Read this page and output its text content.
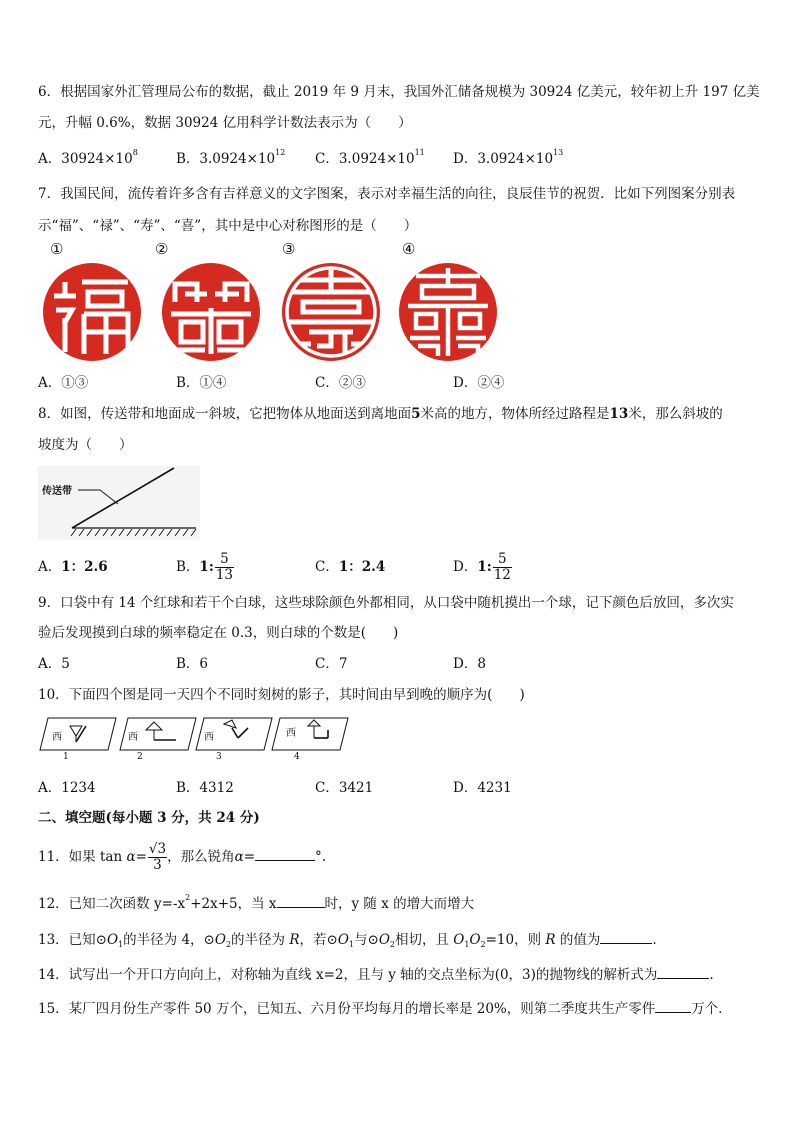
6．根据国家外汇管理局公布的数据，截止 2019 年 9 月末，我国外汇储备规模为 30924 亿美元，较年初上升 197 亿美
元，升幅 0.6%，数据 30924 亿用科学计数法表示为（　　）
A．$30924\times 10^8$	B．$3.0924\times 10^{12}$ C．$3.0924\times 10^{11}$ D．$3.0924\times 10^{13}$
7．我国民间，流传着许多含有吉祥意义的文字图案，表示对幸福生活的向往，良辰佳节的祝贺．比如下列图案分别表
示“福”、“禄”、“寿”、“喜”，其中是中心对称图形的是（　　）
①	②	③	④
A．①③	B．①④	C．②③	D．②④
8．如图，传送带和地面成一斜坡，它把物体从地面送到离地面5米高的地方，物体所经过路程是13米，那么斜坡的
坡度为（　　）
传送带
A．1：2.6	B．1: $\frac{5}{13}$	C．1：2.4	D．1: $\frac{5}{12}$
9．口袋中有 14 个红球和若干个白球，这些球除颜色外都相同，从口袋中随机摸出一个球，记下颜色后放回，多次实
验后发现摸到白球的频率稳定在 0.3，则白球的个数是(　　)
A．5	B．6	C．7	D．8
10．下面四个图是同一天四个不同时刻树的影子，其时间由早到晚的顺序为(　　)
西	西	西	西
1	2	3	4
A．1234	B．4312	C．3421	D．4231
二、填空题(每小题 3 分，共 24 分)
11．如果 $\tan \alpha= \frac{√3}{3}$ ，那么锐角α=	°.
12．已知二次函数 $y=-x^2+2x+5$，当 x	时，y 随 x 的增大而增大
13．已知$⊙O_1$的半径为 4，$⊙O_2$的半径为 R，若$⊙O_1$与$⊙O_2$相切，且 $O_1O_2=10$，则 R 的值为	.
14．试写出一个开口方向向上，对称轴为直线 x=2，且与 y 轴的交点坐标为(0，3)的抛物线的解析式为	.
15．某厂四月份生产零件 50 万个，已知五、六月份平均每月的增长率是 20%，则第二季度共生产零件	万个．
